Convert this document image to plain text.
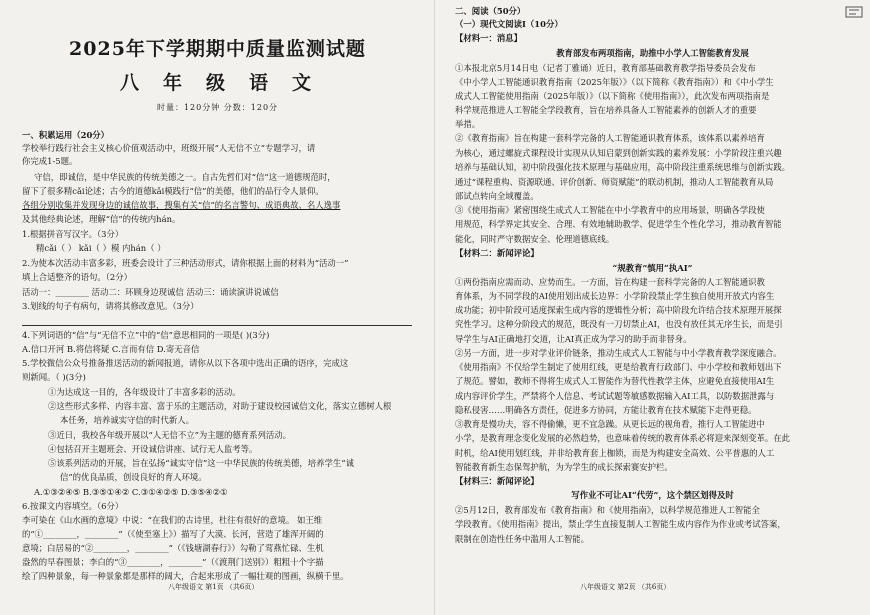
2025年下学期期中质量监测试题
八年级语文
时量：120分钟 分数：120分
一、积累运用（20分）
学校举行践行社会主义核心价值观活动中，班级开展“人无信不立”专题学习，请
你完成1-5题。
守信，即诚信，是中华民族的传统美德之一。自古先哲们对“信”这一道德规范时，
留下了很多精cǎi论述；古今的道德kǎi模践行“信”的美德，他们的品行令人景仰。
各组分别收集并发现身边的诚信故事，搜集有关“信”的名言警句、成语典故、名人逸事
及其他经典论述，理解“信”的传统内hán。
1.根据拼音写汉字。（3分）
精cǎi（ ） kǎi（ ）模 内hán（ ）
2.为使本次活动丰富多彩，班委会设计了三种活动形式，请你根据上面的材料为“活动一”
填上合适整齐的语句。（2分）
活动一：________ 活动二：环顾身边现诚信 活动三：诵读演讲说诚信
3.划线的句子有病句，请将其修改意见。（3分）
4.下列词语的“信”与“无信不立”中的“信”意思相同的一项是( )(3分)
A.信口开河 B.将信将疑 C.言而有信 D.寄无音信
5.学校微信公众号推备推送活动的新闻报道，请你从以下各项中选出正确的语序，完成这
则新闻。（ )(3分)
①为达成这一目的，各年级设计了丰富多彩的活动。
②这些形式多样、内容丰富、富于乐的主题活动，对助于建设校园诚信文化，落实立德树人根
本任务，培养诚实守信的时代新人。
③近日，我校各年级开展以“人无信不立”为主题的德育系列活动。
④包括召开主题班会、开设诚信讲座、试行无人监考等。
⑤该系列活动的开展，旨在弘扬“诚实守信”这一中华民族的传统美德，培养学生“诚
信”的优良品质，创设良好的育人环境。
A.①③②④⑤ B.③⑤①④② C.③①④②⑤ D.③⑤④②①
6.按课文内容填空。（6分）
李可染在《山水画的意境》中说：“在我们的古诗里，杜往有很好的意境。 如王维
的“①________，________”（《使至塞上》）描写了大漠、长河，营造了雄浑开阔的
意境；白居易的“②________，________”（《钱塘湖春行》）勾勒了莺燕忙碌、生机
盎然的早春图景；李白的“③________，________”（《渡荆门送别》）粗粗十个字描
绘了四种景象，每一种景象都是那样的阔大，合起来形成了一幅壮观的图画，纵横千里。
八年级语文 第1页 （共6页）
二、阅读（50分）
（一）现代文阅读Ⅰ（10分）
【材料一：消息】
教育部发布两项指南，助推中小学人工智能教育发展
①本报北京5月14日电（记者丁雅诵）近日，教育部基础教育教学指导委员会发布
《中小学人工智能通识教育指南（2025年版）》（以下简称《教育指南》）和《中小学生
成式人工智能使用指南（2025年版）》（以下简称《使用指南》），此次发布两项指南是
科学规范推进人工智能全学段教育，旨在培养具备人工智能素养的创新人才的重要
举措。
②《教育指南》旨在构建一套科学完备的人工智能通识教育体系，该体系以素养培育
为核心，通过螺旋式课程设计实现从认知启蒙到创新实践的素养发展：小学阶段注重兴趣
培养与基础认知，初中阶段强化技术原理与基础应用，高中阶段注重系统思维与创新实践。
通过“课程重构、资源联通、评价创新、师资赋能”的联动机制，推动人工智能教育从局
部试点转向全域覆盖。
③《使用指南》紧密围绕生成式人工智能在中小学教育中的应用场景，明确各学段使
用规范，科学界定其安全、合理、有效地辅助教学、促进学生个性化学习，推动教育智能
能化，同时严守数据安全、伦理道德底线。
【材料二：新闻评论】
“规教育”慎用“执AI”
①两份指南应需而动、应势而生。一方面，旨在构建一套科学完备的人工智能通识教
育体系，为不同学段的AI使用划出成长边界：小学阶段禁止学生独自使用开放式内容生
成功能；初中阶段可适度探索生成内容的逻辑性分析；高中阶段允许结合技术原理开展探
究性学习。这种分阶段式的规范，既没有一刀切禁止AI，也没有放任其无序生长，而是引
导学生与AI正确地打交道，让AI真正成为学习的助手而非替身。
②另一方面，进一步对学业评价链条，推动生成式人工智能与中小学教育教学深度融合。
《使用指南》不仅给学生制定了使用红线，更是给教育行政部门、中小学校和教师划出下
了规范。譬如，教师不得将生成式人工智能作为替代性教学主体，应避免直接使用AI生
成内容评价学生，严禁将个人信息、考试试题等敏感数据输入AI工具，以防数据泄露与
隐私侵害……明确各方责任，促进多方协同，方能让教育在技术赋能下走得更稳。
③教育是慢功夫，容不得偷懒，更不宜急躁。从更长远的视角看，推行人工智能进中
小学，是教育理念变化发展的必然趋势，也意味着传统的教育体系必将迎来深刻变革。在此
时机，给AI使用划红线，并非给教育套上枷锁，而是为构建安全高效、公平普惠的人工
智能教育新生态保驾护航，为为学生的成长探索赛安护栏。
【材料三：新闻评论】
写作业不可让AI“代劳”，这个禁区划得及时
②5月12日，教育部发布《教育指南》和《使用指南》，以科学规范推进人工智能全
学段教育。《使用指南》提出，禁止学生直接复制人工智能生成内容作为作业或考试答案，
限制在创造性任务中滥用人工智能。
八年级语文 第2页 （共6页）
